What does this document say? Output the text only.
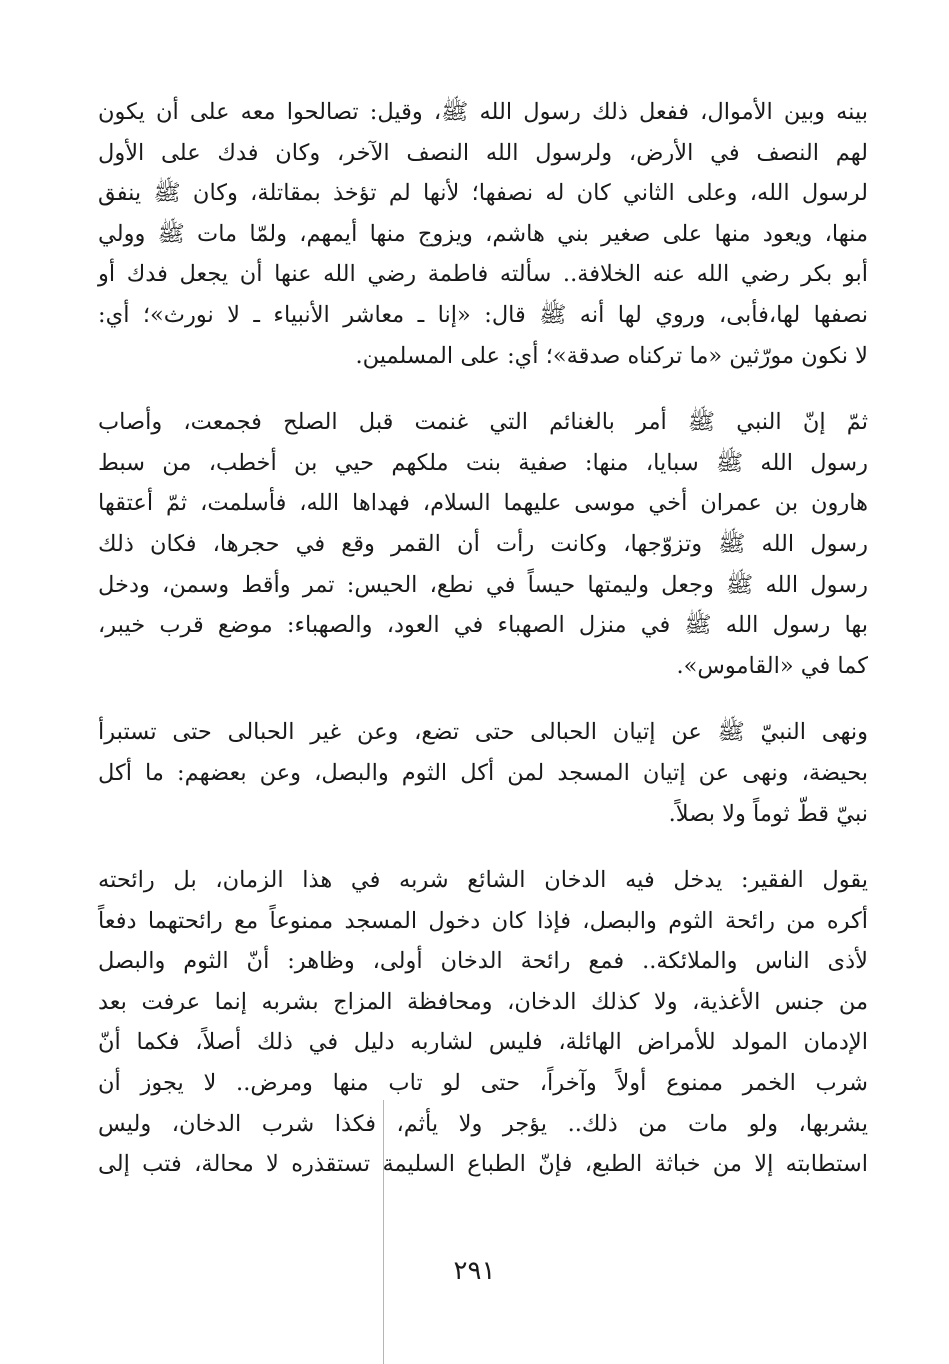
بينه وبين الأموال، ففعل ذلك رسول الله ﷺ، وقيل: تصالحوا معه على أن يكون
لهم النصف في الأرض، ولرسول الله النصف الآخر، وكان فدك على الأول
لرسول الله، وعلى الثاني كان له نصفها؛ لأنها لم تؤخذ بمقاتلة، وكان ﷺ ينفق
منها، ويعود منها على صغير بني هاشم، ويزوج منها أيمهم، ولمّا مات ﷺ وولي
أبو بكر رضي الله عنه الخلافة.. سألته فاطمة رضي الله عنها أن يجعل فدك أو
نصفها لها،فأبى، وروي لها أنه ﷺ قال: «إنا ـ معاشر الأنبياء ـ لا نورث»؛ أي:
لا نكون مورّثين «ما تركناه صدقة»؛ أي: على المسلمين.
ثمّ إنّ النبي ﷺ أمر بالغنائم التي غنمت قبل الصلح فجمعت، وأصاب
رسول الله ﷺ سبايا، منها: صفية بنت ملكهم حيي بن أخطب، من سبط
هارون بن عمران أخي موسى عليهما السلام، فهداها الله، فأسلمت، ثمّ أعتقها
رسول الله ﷺ وتزوّجها، وكانت رأت أن القمر وقع في حجرها، فكان ذلك
رسول الله ﷺ وجعل وليمتها حيساً في نطع، الحيس: تمر وأقط وسمن، ودخل
بها رسول الله ﷺ في منزل الصهباء في العود، والصهباء: موضع قرب خيبر،
كما في «القاموس».
ونهى النبيّ ﷺ عن إتيان الحبالى حتى تضع، وعن غير الحبالى حتى تستبرأ
بحيضة، ونهى عن إتيان المسجد لمن أكل الثوم والبصل، وعن بعضهم: ما أكل
نبيّ قطّ ثوماً ولا بصلاً.
يقول الفقير: يدخل فيه الدخان الشائع شربه في هذا الزمان، بل رائحته
أكره من رائحة الثوم والبصل، فإذا كان دخول المسجد ممنوعاً مع رائحتهما دفعاً
لأذى الناس والملائكة.. فمع رائحة الدخان أولى، وظاهر: أنّ الثوم والبصل
من جنس الأغذية، ولا كذلك الدخان، ومحافظة المزاج بشربه إنما عرفت بعد
الإدمان المولد للأمراض الهائلة، فليس لشاربه دليل في ذلك أصلاً، فكما أنّ
شرب الخمر ممنوع أولاً وآخراً، حتى لو تاب منها ومرض.. لا يجوز أن
يشربها، ولو مات من ذلك.. يؤجر ولا يأثم، فكذا شرب الدخان، وليس
استطابته إلا من خباثة الطبع، فإنّ الطباع السليمة تستقذره لا محالة، فتب إلى
٢٩١
